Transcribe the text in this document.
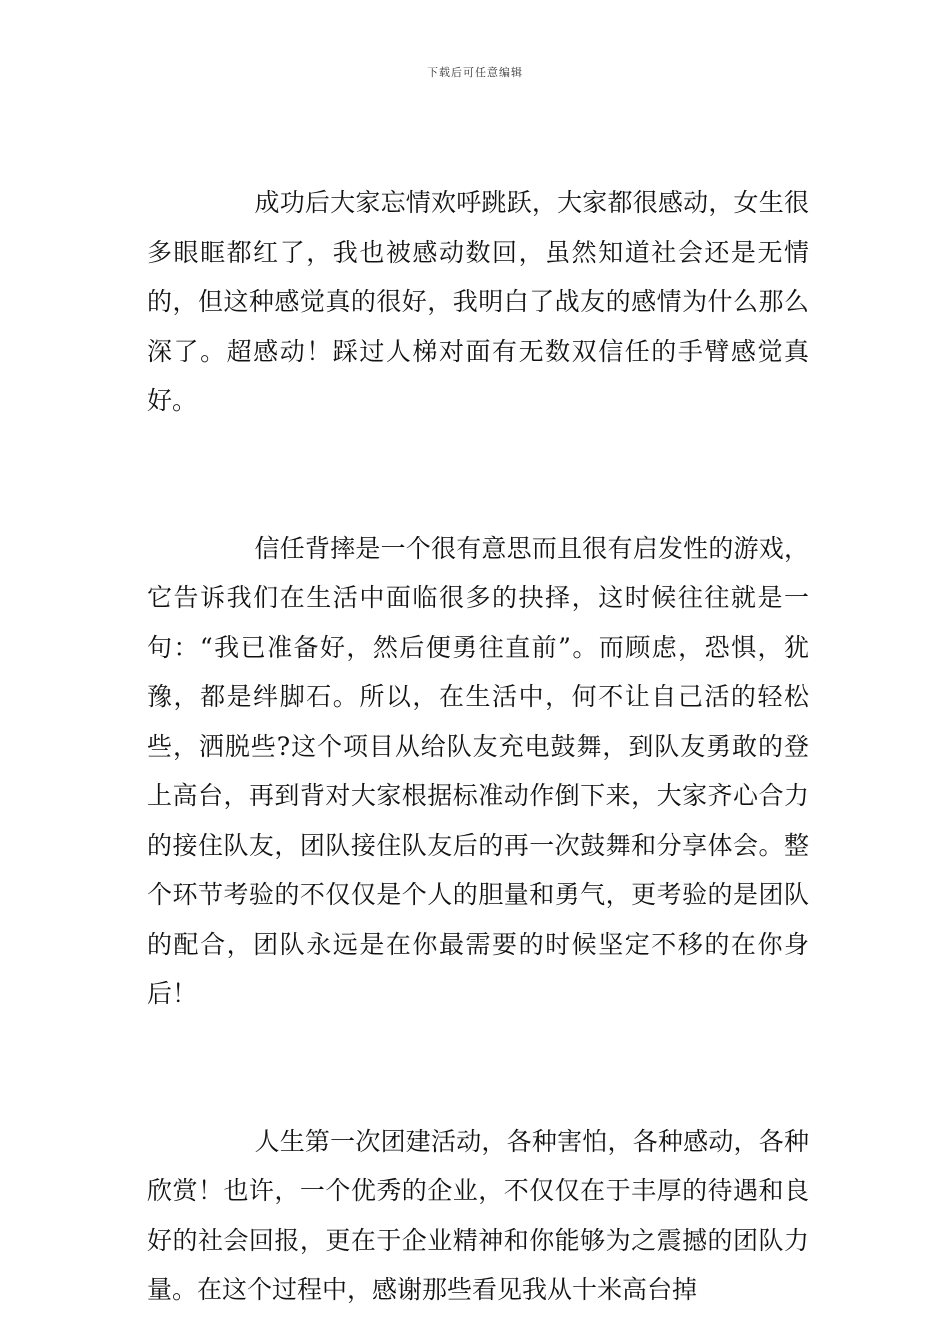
下载后可任意编辑

成功后大家忘情欢呼跳跃，大家都很感动，女生很多眼眶都红了，我也被感动数回，虽然知道社会还是无情的，但这种感觉真的很好，我明白了战友的感情为什么那么深了。超感动！踩过人梯对面有无数双信任的手臂感觉真好。

信任背摔是一个很有意思而且很有启发性的游戏，它告诉我们在生活中面临很多的抉择，这时候往往就是一句：“我已准备好，然后便勇往直前”。而顾虑，恐惧，犹豫，都是绊脚石。所以，在生活中，何不让自己活的轻松些，洒脱些?这个项目从给队友充电鼓舞，到队友勇敢的登上高台，再到背对大家根据标准动作倒下来，大家齐心合力的接住队友，团队接住队友后的再一次鼓舞和分享体会。整个环节考验的不仅仅是个人的胆量和勇气，更考验的是团队的配合，团队永远是在你最需要的时候坚定不移的在你身后！

人生第一次团建活动，各种害怕，各种感动，各种欣赏！也许，一个优秀的企业，不仅仅在于丰厚的待遇和良好的社会回报，更在于企业精神和你能够为之震撼的团队力量。在这个过程中，感谢那些看见我从十米高台掉
